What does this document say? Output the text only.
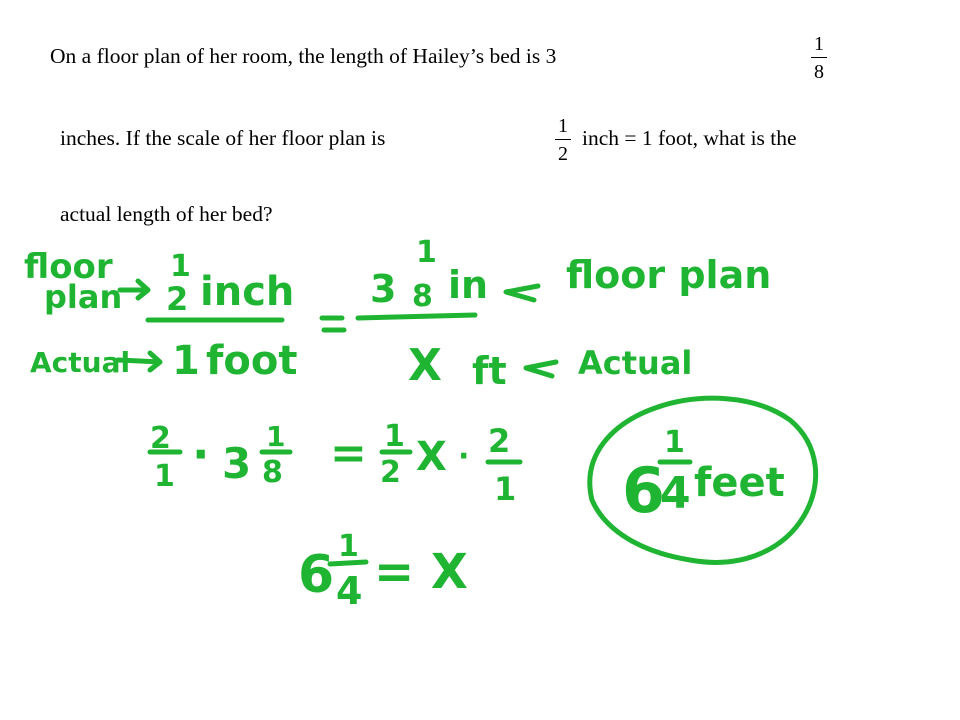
On a floor plan of her room, the length of Hailey’s bed is 3	1
8
inches. If the scale of her floor plan is	1
2
inch = 1 foot, what is the
actual length of her bed?
floor
plan
Actual
1
2 inch
1 foot
1
3 8 in
X ft
floor plan
Actual
2
1 · 3
1
8 = 1
2 X · 2
1
6 1
4 = X
6
1
4 feet
